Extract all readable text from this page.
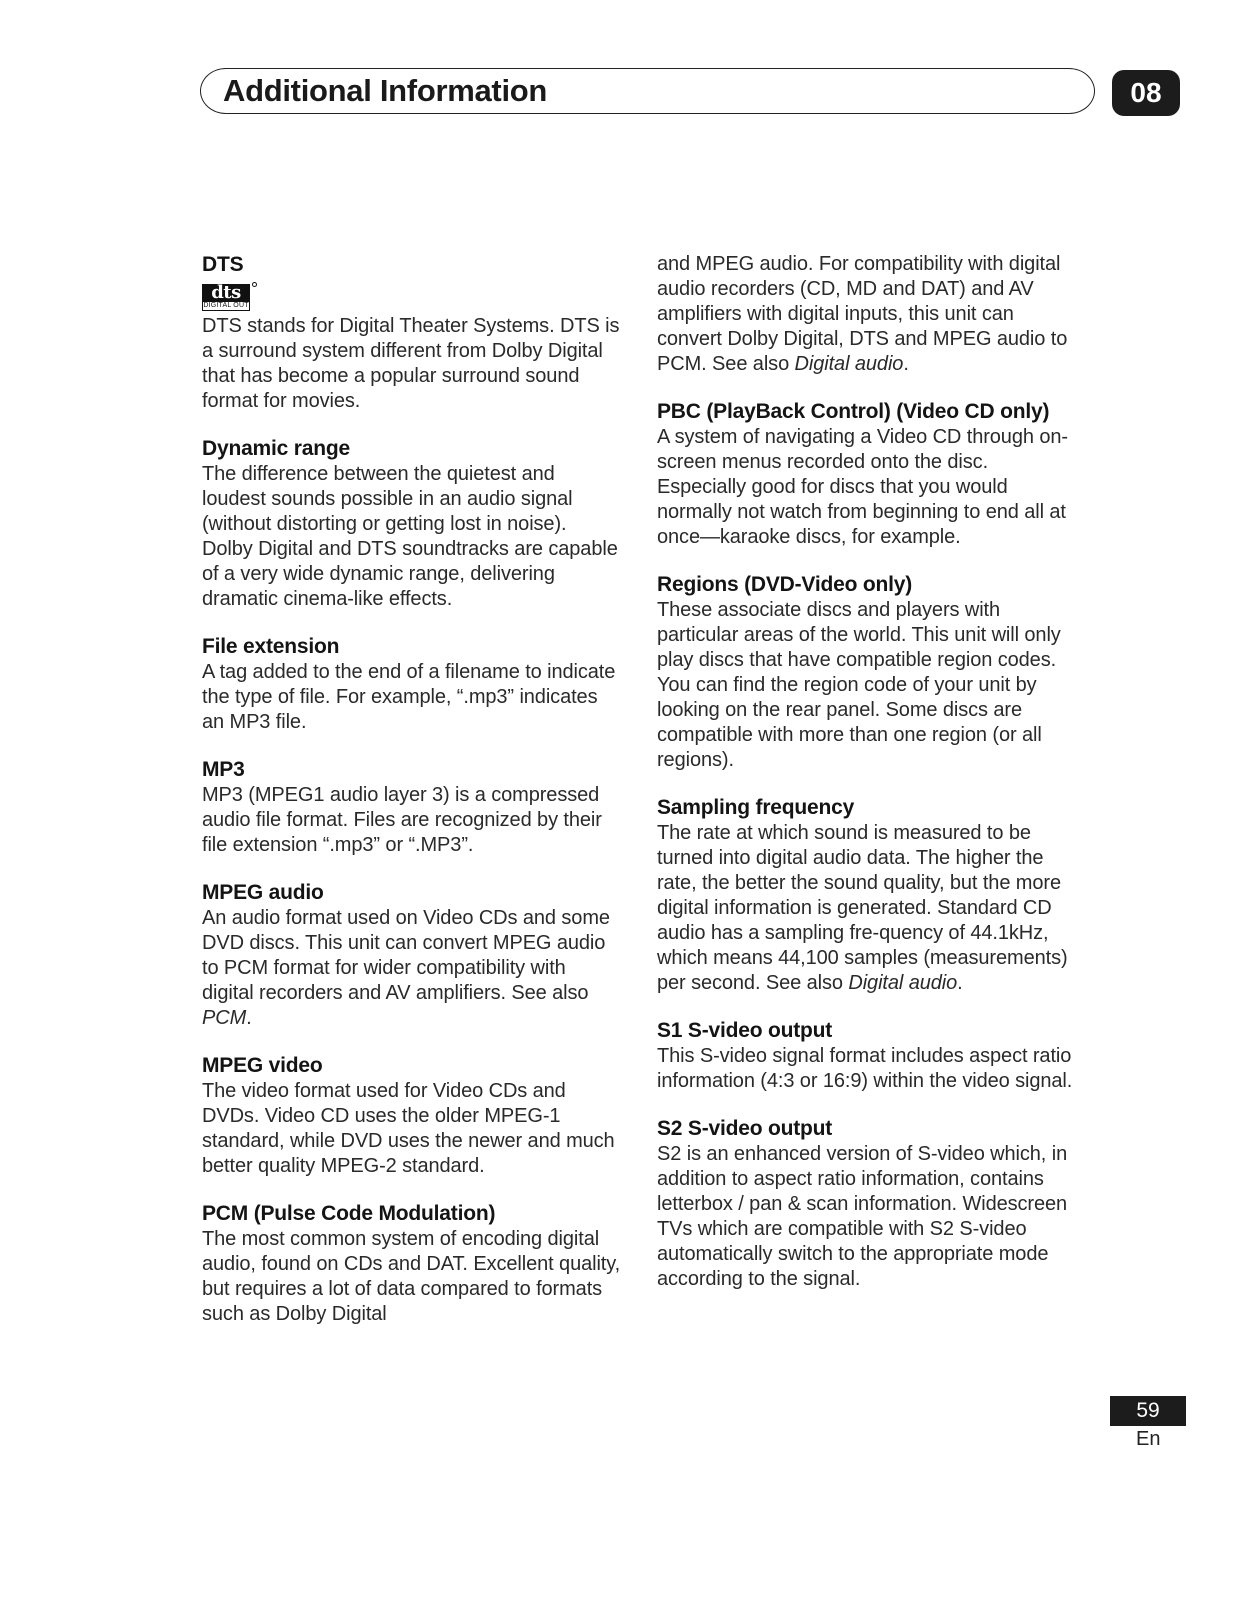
Additional Information	08
DTS
dts
DIGITAL OUT
DTS stands for Digital Theater Systems. DTS is a surround system different from Dolby Digital that has become a popular surround sound format for movies.
Dynamic range
The difference between the quietest and loudest sounds possible in an audio signal (without distorting or getting lost in noise). Dolby Digital and DTS soundtracks are capable of a very wide dynamic range, delivering dramatic cinema-like effects.
File extension
A tag added to the end of a filename to indicate the type of file. For example, “.mp3” indicates an MP3 file.
MP3
MP3 (MPEG1 audio layer 3) is a compressed audio file format. Files are recognized by their file extension “.mp3” or “.MP3”.
MPEG audio
An audio format used on Video CDs and some DVD discs. This unit can convert MPEG audio to PCM format for wider compatibility with digital recorders and AV amplifiers. See also PCM.
MPEG video
The video format used for Video CDs and DVDs. Video CD uses the older MPEG-1 standard, while DVD uses the newer and much better quality MPEG-2 standard.
PCM (Pulse Code Modulation)
The most common system of encoding digital audio, found on CDs and DAT. Excellent quality, but requires a lot of data compared to formats such as Dolby Digital
and MPEG audio. For compatibility with digital audio recorders (CD, MD and DAT) and AV amplifiers with digital inputs, this unit can convert Dolby Digital, DTS and MPEG audio to PCM. See also Digital audio.
PBC (PlayBack Control) (Video CD only)
A system of navigating a Video CD through on-screen menus recorded onto the disc. Especially good for discs that you would normally not watch from beginning to end all at once—karaoke discs, for example.
Regions (DVD-Video only)
These associate discs and players with particular areas of the world. This unit will only play discs that have compatible region codes. You can find the region code of your unit by looking on the rear panel. Some discs are compatible with more than one region (or all regions).
Sampling frequency
The rate at which sound is measured to be turned into digital audio data. The higher the rate, the better the sound quality, but the more digital information is generated. Standard CD audio has a sampling fre-quency of 44.1kHz, which means 44,100 samples (measurements) per second. See also Digital audio.
S1 S-video output
This S-video signal format includes aspect ratio information (4:3 or 16:9) within the video signal.
S2 S-video output
S2 is an enhanced version of S-video which, in addition to aspect ratio information, contains letterbox / pan & scan information. Widescreen TVs which are compatible with S2 S-video automatically switch to the appropriate mode according to the signal.
59
En
